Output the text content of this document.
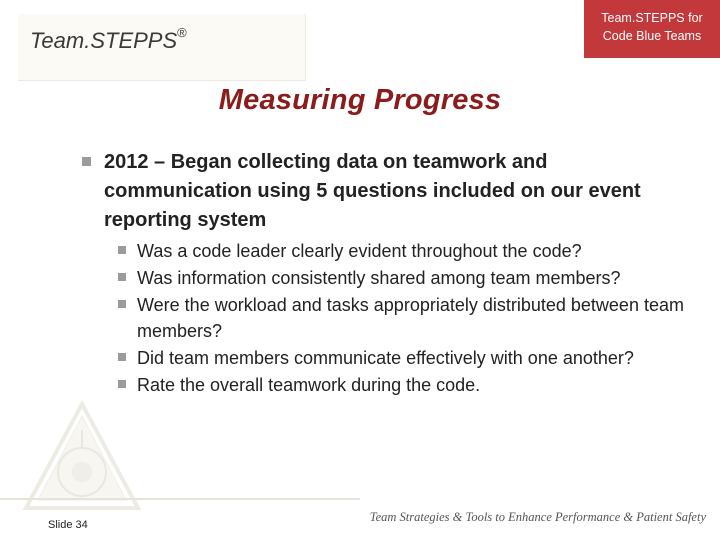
Team.STEPPS®
Team.STEPPS for
Code Blue Teams
Measuring Progress
2012 – Began collecting data on teamwork and communication using 5 questions included on our event reporting system
Was a code leader clearly evident throughout the code?
Was information consistently shared among team members?
Were the workload and tasks appropriately distributed between team members?
Did team members communicate effectively with one another?
Rate the overall teamwork during the code.
Slide 34
Team Strategies & Tools to Enhance Performance & Patient Safety
